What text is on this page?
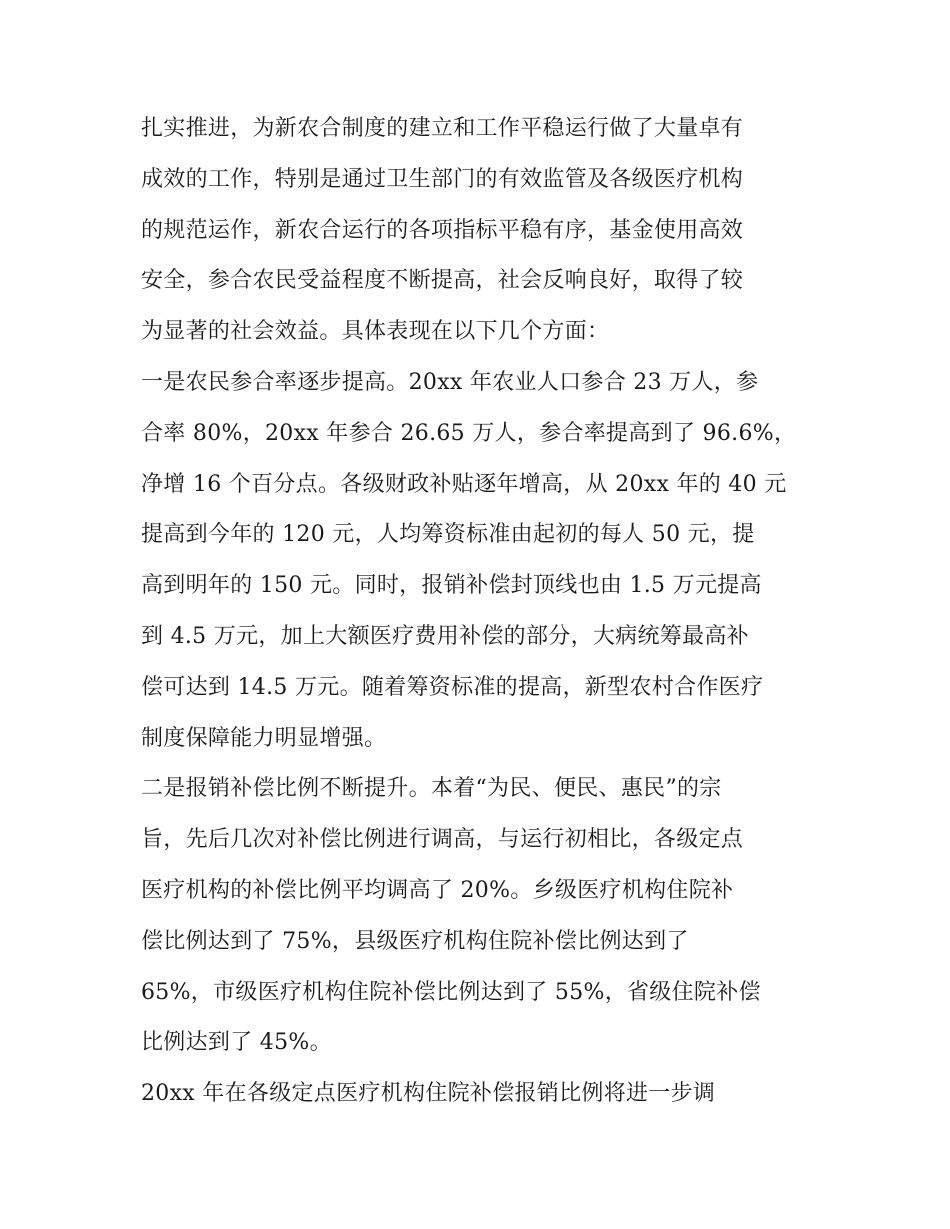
扎实推进，为新农合制度的建立和工作平稳运行做了大量卓有
成效的工作，特别是通过卫生部门的有效监管及各级医疗机构
的规范运作，新农合运行的各项指标平稳有序，基金使用高效
安全，参合农民受益程度不断提高，社会反响良好，取得了较
为显著的社会效益。具体表现在以下几个方面：
一是农民参合率逐步提高。20xx 年农业人口参合 23 万人，参
合率 80%，20xx 年参合 26.65 万人，参合率提高到了 96.6%，
净增 16 个百分点。各级财政补贴逐年增高，从 20xx 年的 40 元
提高到今年的 120 元，人均筹资标准由起初的每人 50 元，提
高到明年的 150 元。同时，报销补偿封顶线也由 1.5 万元提高
到 4.5 万元，加上大额医疗费用补偿的部分，大病统筹最高补
偿可达到 14.5 万元。随着筹资标准的提高，新型农村合作医疗
制度保障能力明显增强。
二是报销补偿比例不断提升。本着“为民、便民、惠民”的宗
旨，先后几次对补偿比例进行调高，与运行初相比，各级定点
医疗机构的补偿比例平均调高了 20%。乡级医疗机构住院补
偿比例达到了 75%，县级医疗机构住院补偿比例达到了
65%，市级医疗机构住院补偿比例达到了 55%，省级住院补偿
比例达到了 45%。
20xx 年在各级定点医疗机构住院补偿报销比例将进一步调
